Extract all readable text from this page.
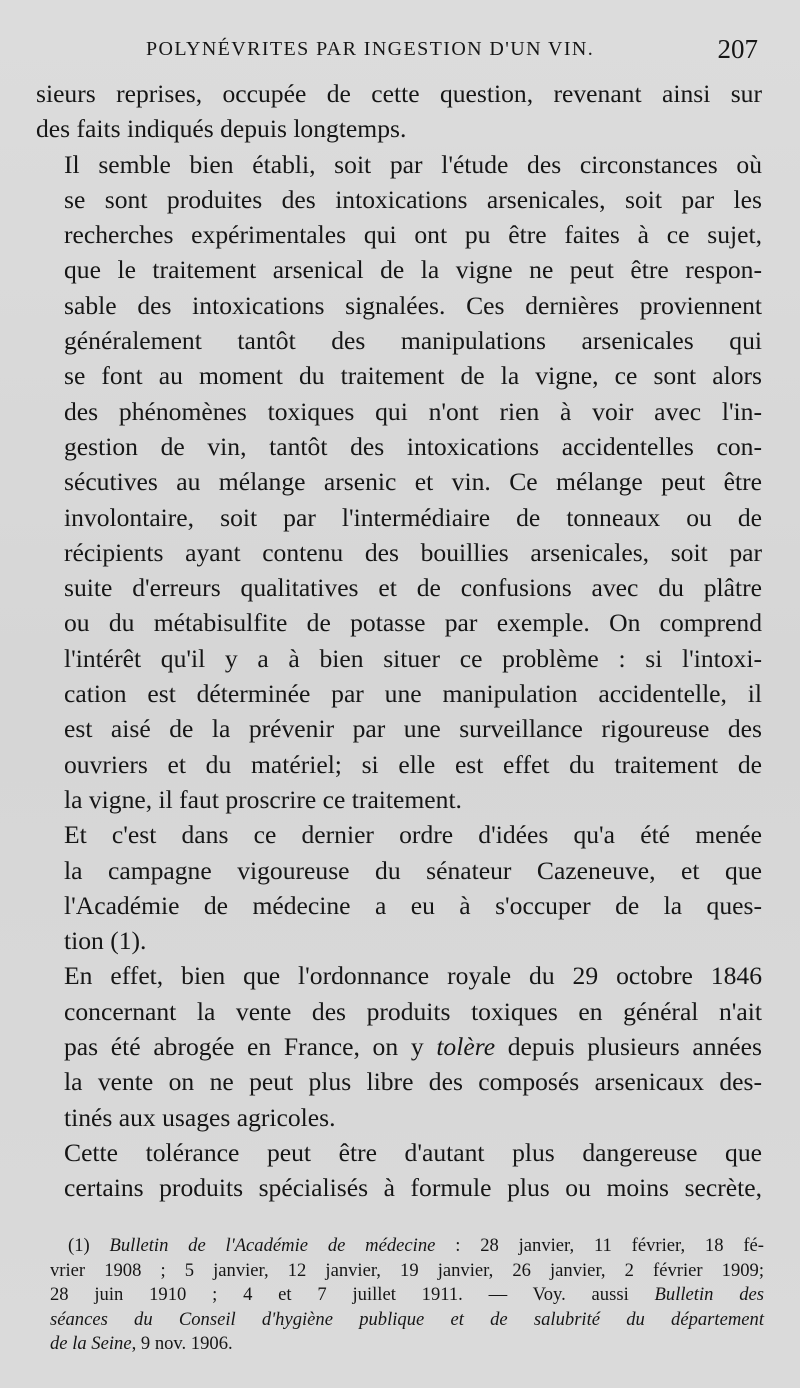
POLYNÉVRITES PAR INGESTION D'UN VIN.	207

sieurs reprises, occupée de cette question, revenant ainsi sur
des faits indiqués depuis longtemps.

Il semble bien établi, soit par l'étude des circonstances où
se sont produites des intoxications arsenicales, soit par les
recherches expérimentales qui ont pu être faites à ce sujet,
que le traitement arsenical de la vigne ne peut être respon-
sable des intoxications signalées. Ces dernières proviennent
généralement tantôt des manipulations arsenicales qui
se font au moment du traitement de la vigne, ce sont alors
des phénomènes toxiques qui n'ont rien à voir avec l'in-
gestion de vin, tantôt des intoxications accidentelles con-
sécutives au mélange arsenic et vin. Ce mélange peut être
involontaire, soit par l'intermédiaire de tonneaux ou de
récipients ayant contenu des bouillies arsenicales, soit par
suite d'erreurs qualitatives et de confusions avec du plâtre
ou du métabisulfite de potasse par exemple. On comprend
l'intérêt qu'il y a à bien situer ce problème : si l'intoxi-
cation est déterminée par une manipulation accidentelle, il
est aisé de la prévenir par une surveillance rigoureuse des
ouvriers et du matériel; si elle est effet du traitement de
la vigne, il faut proscrire ce traitement.

Et c'est dans ce dernier ordre d'idées qu'a été menée
la campagne vigoureuse du sénateur Cazeneuve, et que
l'Académie de médecine a eu à s'occuper de la ques-
tion (1).

En effet, bien que l'ordonnance royale du 29 octobre 1846
concernant la vente des produits toxiques en général n'ait
pas été abrogée en France, on y tolère depuis plusieurs années
la vente on ne peut plus libre des composés arsenicaux des-
tinés aux usages agricoles.

Cette tolérance peut être d'autant plus dangereuse que
certains produits spécialisés à formule plus ou moins secrète,

(1) Bulletin de l'Académie de médecine : 28 janvier, 11 février, 18 fé-
vrier 1908 ; 5 janvier, 12 janvier, 19 janvier, 26 janvier, 2 février 1909;
28 juin 1910 ; 4 et 7 juillet 1911. — Voy. aussi Bulletin des
séances du Conseil d'hygiène publique et de salubrité du département
de la Seine, 9 nov. 1906.
